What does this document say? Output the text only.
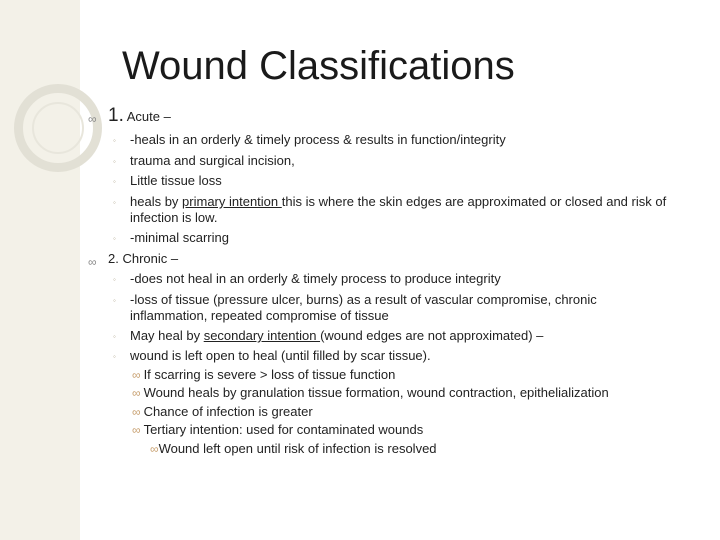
Wound Classifications
∞ 1. Acute –
◦ -heals in an orderly & timely process & results in function/integrity
◦ trauma and surgical incision,
◦ Little tissue loss
◦ heals by primary intention this is where the skin edges are approximated or closed and risk of infection is low.
◦ -minimal scarring
∞ 2. Chronic –
◦ -does not heal in an orderly & timely process to produce integrity
◦ -loss of tissue (pressure ulcer, burns) as a result of vascular compromise, chronic inflammation, repeated compromise of tissue
◦ May heal by secondary intention (wound edges are not approximated) –
◦ wound is left open to heal (until filled by scar tissue).
∞ If scarring is severe > loss of tissue function
∞ Wound heals by granulation tissue formation, wound contraction, epithelialization
∞ Chance of infection is greater
∞ Tertiary intention: used for contaminated wounds
∞Wound left open until risk of infection is resolved
